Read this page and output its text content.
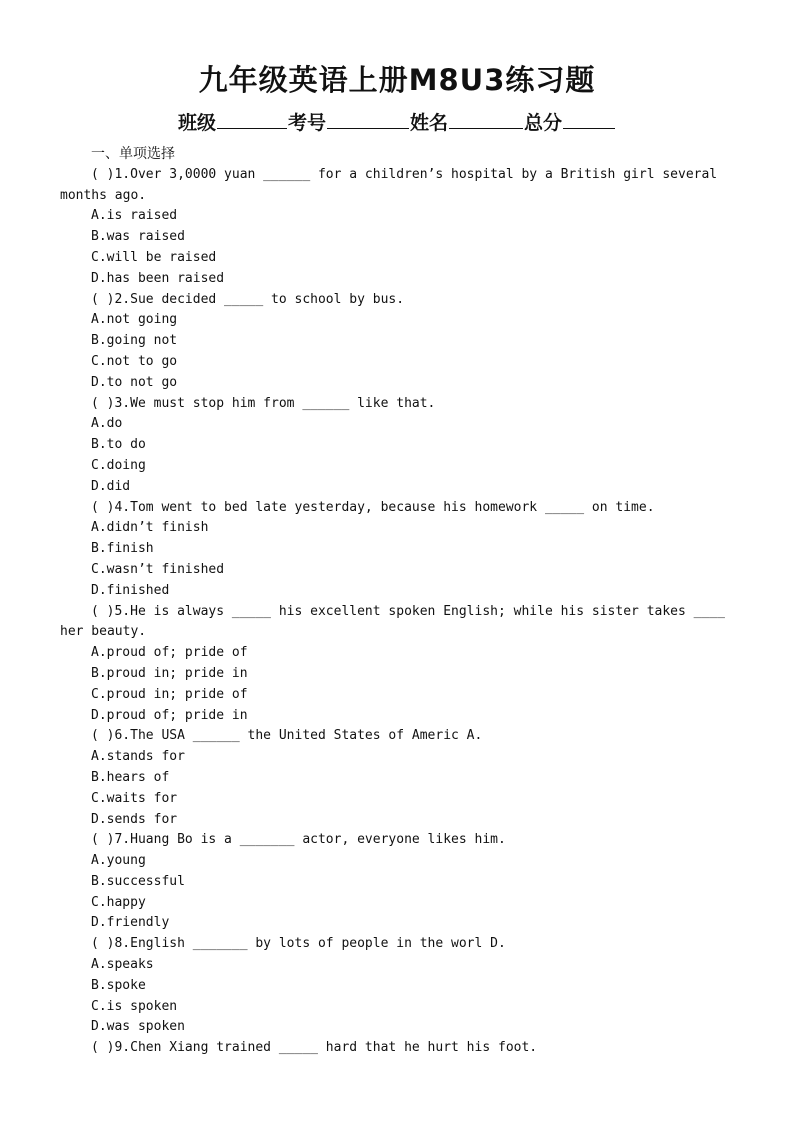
九年级英语上册M8U3练习题
班级	考号	姓名	总分
一、单项选择
( )1.Over 3,0000 yuan ______ for a children’s hospital by a British girl several
months ago.
A.is raised
B.was raised
C.will be raised
D.has been raised
( )2.Sue decided _____ to school by bus.
A.not going
B.going not
C.not to go
D.to not go
( )3.We must stop him from ______ like that.
A.do
B.to do
C.doing
D.did
( )4.Tom went to bed late yesterday, because his homework _____ on time.
A.didn’t finish
B.finish
C.wasn’t finished
D.finished
( )5.He is always _____ his excellent spoken English; while his sister takes ____
her beauty.
A.proud of; pride of
B.proud in; pride in
C.proud in; pride of
D.proud of; pride in
( )6.The USA ______ the United States of Americ A.
A.stands for
B.hears of
C.waits for
D.sends for
( )7.Huang Bo is a _______ actor, everyone likes him.
A.young
B.successful
C.happy
D.friendly
( )8.English _______ by lots of people in the worl D.
A.speaks
B.spoke
C.is spoken
D.was spoken
( )9.Chen Xiang trained _____ hard that he hurt his foot.
